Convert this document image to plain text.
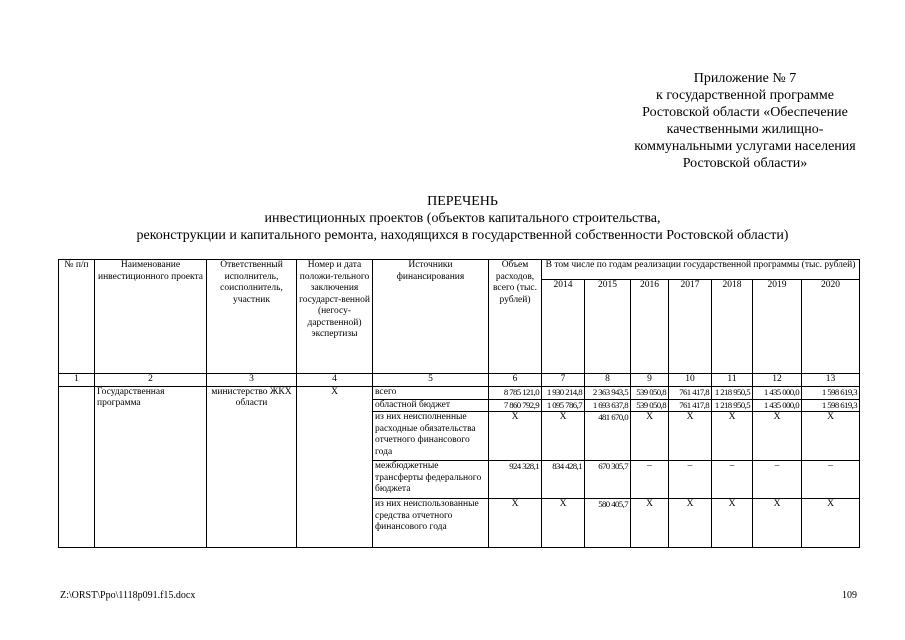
Приложение № 7
к государственной программе
Ростовской области «Обеспечение
качественными жилищно-
коммунальными услугами населения
Ростовской области»
ПЕРЕЧЕНЬ
инвестиционных проектов (объектов капитального строительства,
реконструкции и капитального ремонта, находящихся в государственной собственности Ростовской области)
№ п/п	Наименование инвестиционного проекта	Ответственный исполнитель, соисполнитель, участник	Номер и дата положи-тельного заключения государст-венной (негосу-дарственной) экспертизы	Источники финансирования	Объем расходов, всего (тыс. рублей)	В том числе по годам реализации государственной программы (тыс. рублей)						
						2014	2015	2016	2017	2018	2019	2020
1	2	3	4	5	6	7	8	9	10	11	12	13
	Государственная программа	министерство ЖКХ области	Х	всего	8 785 121,0	1 930 214,8	2 363 943,5	539 050,8	761 417,8	1 218 950,5	1 435 000,0	1 598 619,3
				областной бюджет	7 860 792,9	1 095 786,7	1 693 637,8	539 050,8	761 417,8	1 218 950,5	1 435 000,0	1 598 619,3
				из них неисполненные расходные обязательства отчетного финансового года	Х	Х	481 670,0	Х	Х	Х	Х	Х
				межбюджетные трансферты федерального бюджета	924 328,1	834 428,1	670 305,7	–	–	–	–	–
				из них неиспользованные средства отчетного финансового года	Х	Х	580 405,7	Х	Х	Х	Х	Х
Z:\ORST\Ppo\1118p091.f15.docx	109
